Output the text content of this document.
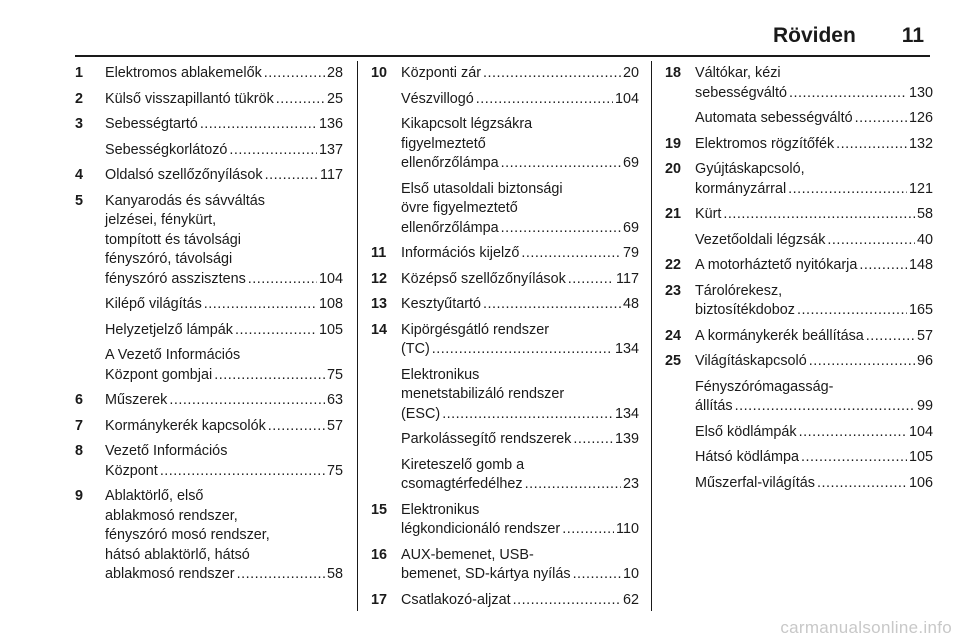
Röviden 11
1	Elektromos ablakemelők .....	28
2	Külső visszapillantó tükrök .....	25
3	Sebességtartó .....	136
Sebességkorlátozó .....	137
4	Oldalsó szellőzőnyílások .....	117
5	Kanyarodás és sávváltás
jelzései, fénykürt,
tompított és távolsági
fényszóró, távolsági
fényszóró asszisztens .....	104
Kilépő világítás .....	108
Helyzetjelző lámpák .....	105
A Vezető Információs
Központ gombjai .....	75
6	Műszerek .....	63
7	Kormánykerék kapcsolók .....	57
8	Vezető Információs
Központ .....	75
9	Ablaktörlő, első
ablakmosó rendszer,
fényszóró mosó rendszer,
hátsó ablaktörlő, hátsó
ablakmosó rendszer .....	58
10 Központi zár .....	20
Vészvillogó .....	104
Kikapcsolt légzsákra
figyelmeztető
ellenőrzőlámpa .....	69
Első utasoldali biztonsági
övre figyelmeztető
ellenőrzőlámpa .....	69
11	Információs kijelző .....	79
12 Középső szellőzőnyílások .....	117
13 Kesztyűtartó .....	48
14 Kipörgésgátló rendszer
(TC) .....	134
Elektronikus
menetstabilizáló rendszer
(ESC) .....	134
Parkolássegítő rendszerek .....	139
Kireteszelő gomb a
csomagtérfedélhez .....	23
15 Elektronikus
légkondicionáló rendszer .....	110
16 AUX-bemenet, USB-
bemenet, SD-kártya nyílás .....	10
17 Csatlakozó-aljzat .....	62
18 Váltókar, kézi
sebességváltó .....	130
Automata sebességváltó .....	126
19 Elektromos rögzítőfék .....	132
20 Gyújtáskapcsoló,
kormányzárral .....	121
21 Kürt .....	58
Vezetőoldali légzsák .....	40
22 A motorháztető nyitókarja .....	148
23 Tárolórekesz,
biztosítékdoboz .....	165
24 A kormánykerék beállítása .....	57
25 Világításkapcsoló .....	96
Fényszórómagasság-
állítás .....	99
Első ködlámpák .....	104
Hátsó ködlámpa .....	105
Műszerfal-világítás .....	106
carmanualsonline.info
